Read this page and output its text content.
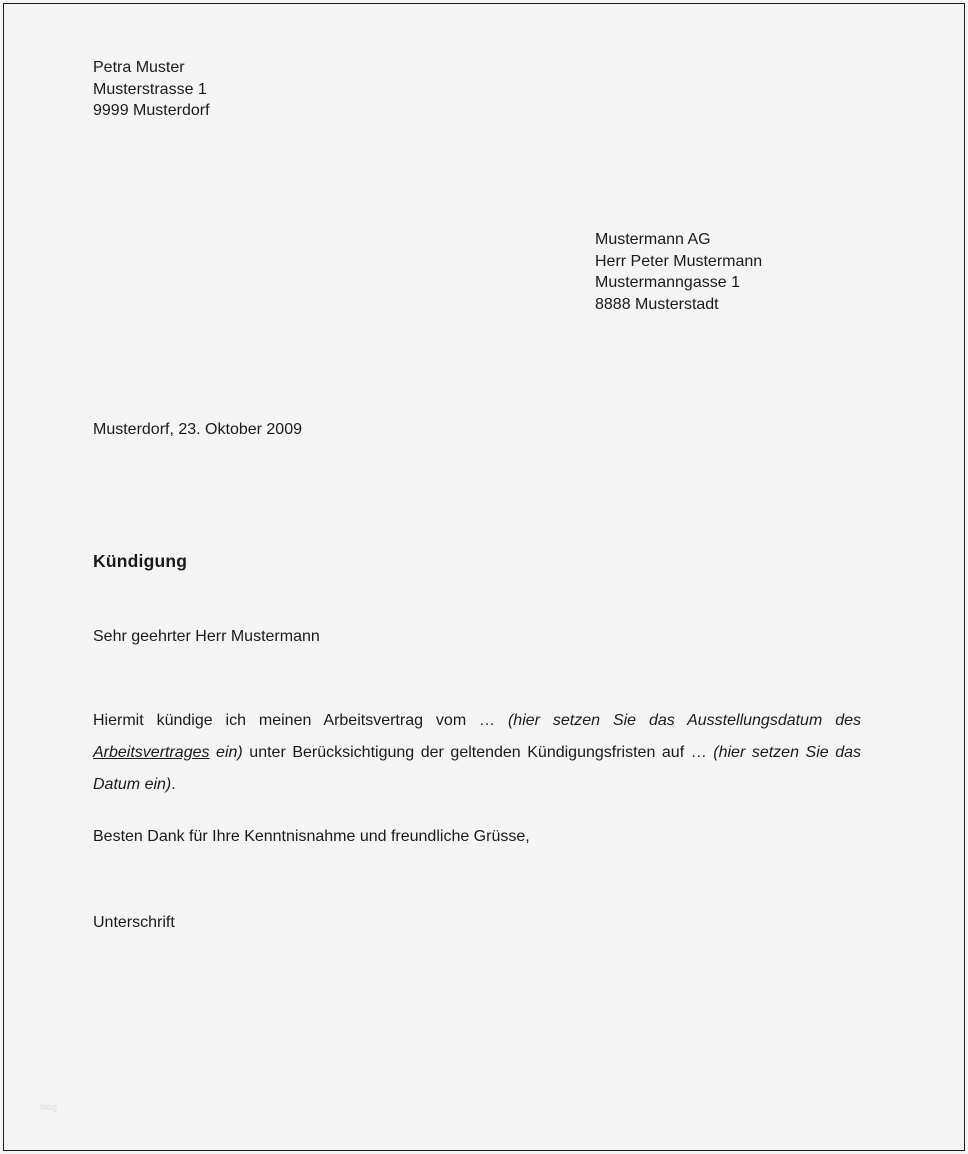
Petra Muster
Musterstrasse 1
9999 Musterdorf
Mustermann AG
Herr Peter Mustermann
Mustermanngasse 1
8888 Musterstadt
Musterdorf, 23. Oktober 2009
Kündigung
Sehr geehrter Herr Mustermann

Hiermit kündige ich meinen Arbeitsvertrag vom … (hier setzen Sie das Ausstellungsdatum des Arbeitsvertrages ein) unter Berücksichtigung der geltenden Kündigungsfristen auf … (hier setzen Sie das Datum ein).

Besten Dank für Ihre Kenntnisnahme und freundliche Grüsse,
Unterschrift
blog
